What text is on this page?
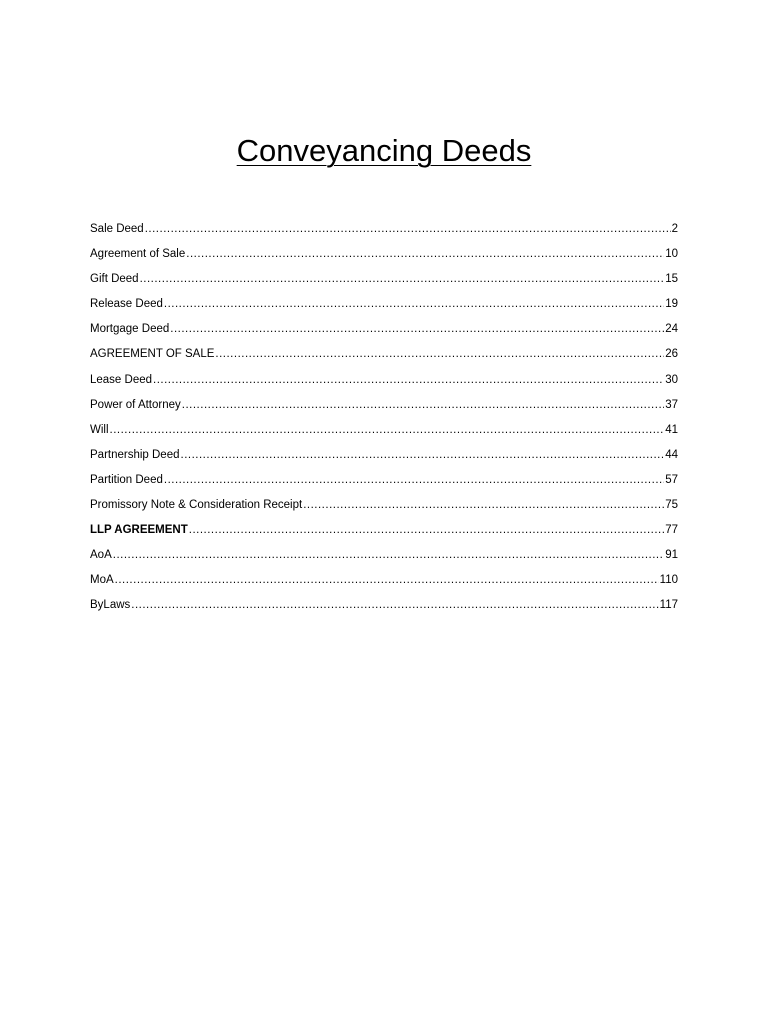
Conveyancing Deeds
Sale Deed .....	2
Agreement of Sale .....	10
Gift Deed .....	15
Release Deed .....	19
Mortgage Deed .....	24
AGREEMENT OF SALE .....	26
Lease Deed .....	30
Power of Attorney .....	37
Will .....	41
Partnership Deed .....	44
Partition Deed .....	57
Promissory Note & Consideration Receipt .....	75
LLP AGREEMENT .....	77
AoA .....	91
MoA .....	110
ByLaws .....	117
